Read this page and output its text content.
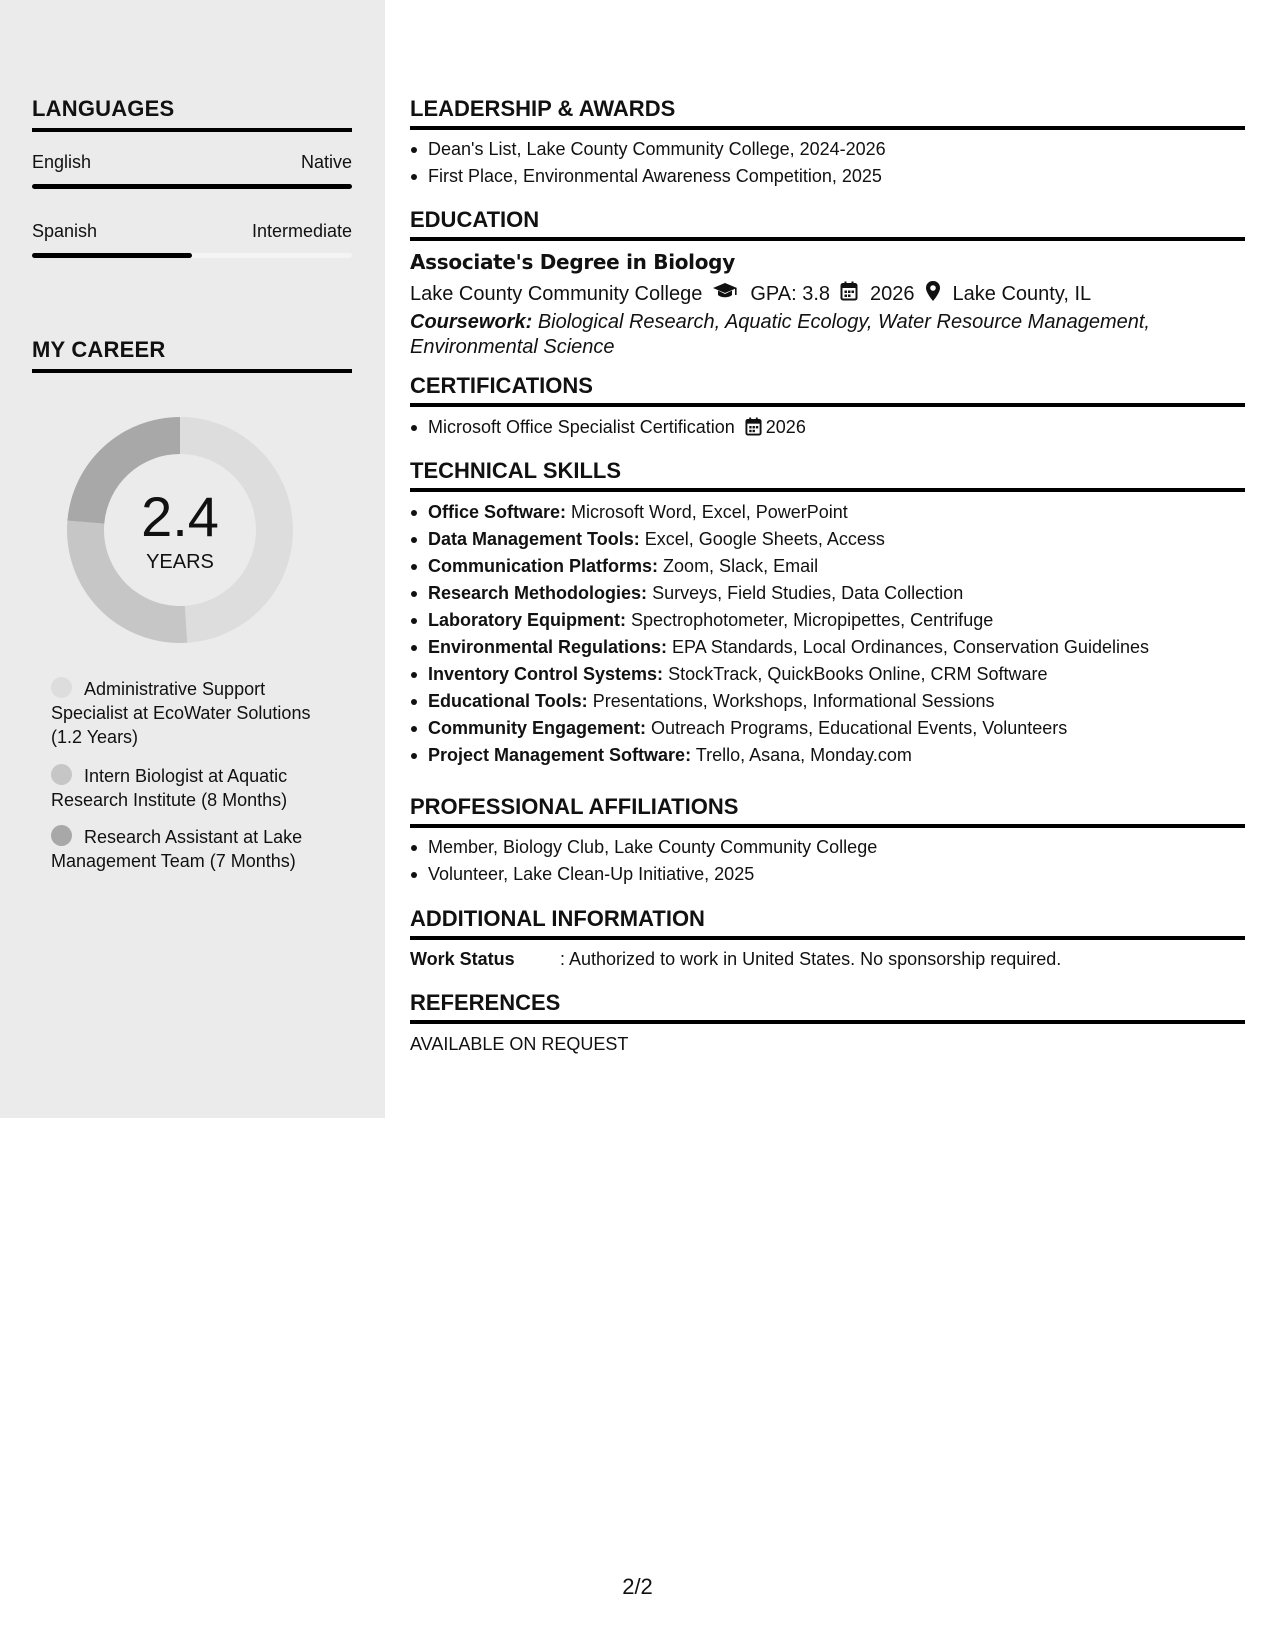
LANGUAGES
English	Native
Spanish	Intermediate
MY CAREER
2.4
YEARS
Administrative Support Specialist at EcoWater Solutions (1.2 Years)
Intern Biologist at Aquatic Research Institute (8 Months)
Research Assistant at Lake Management Team (7 Months)
LEADERSHIP & AWARDS
Dean's List, Lake County Community College, 2024-2026
First Place, Environmental Awareness Competition, 2025
EDUCATION
Associate's Degree in Biology
Lake County Community College GPA: 3.8 2026 Lake County, IL
Coursework: Biological Research, Aquatic Ecology, Water Resource Management, Environmental Science
CERTIFICATIONS
Microsoft Office Specialist Certification 2026
TECHNICAL SKILLS
Office Software: Microsoft Word, Excel, PowerPoint
Data Management Tools: Excel, Google Sheets, Access
Communication Platforms: Zoom, Slack, Email
Research Methodologies: Surveys, Field Studies, Data Collection
Laboratory Equipment: Spectrophotometer, Micropipettes, Centrifuge
Environmental Regulations: EPA Standards, Local Ordinances, Conservation Guidelines
Inventory Control Systems: StockTrack, QuickBooks Online, CRM Software
Educational Tools: Presentations, Workshops, Informational Sessions
Community Engagement: Outreach Programs, Educational Events, Volunteers
Project Management Software: Trello, Asana, Monday.com
PROFESSIONAL AFFILIATIONS
Member, Biology Club, Lake County Community College
Volunteer, Lake Clean-Up Initiative, 2025
ADDITIONAL INFORMATION
Work Status	: Authorized to work in United States. No sponsorship required.
REFERENCES
AVAILABLE ON REQUEST
2/2
